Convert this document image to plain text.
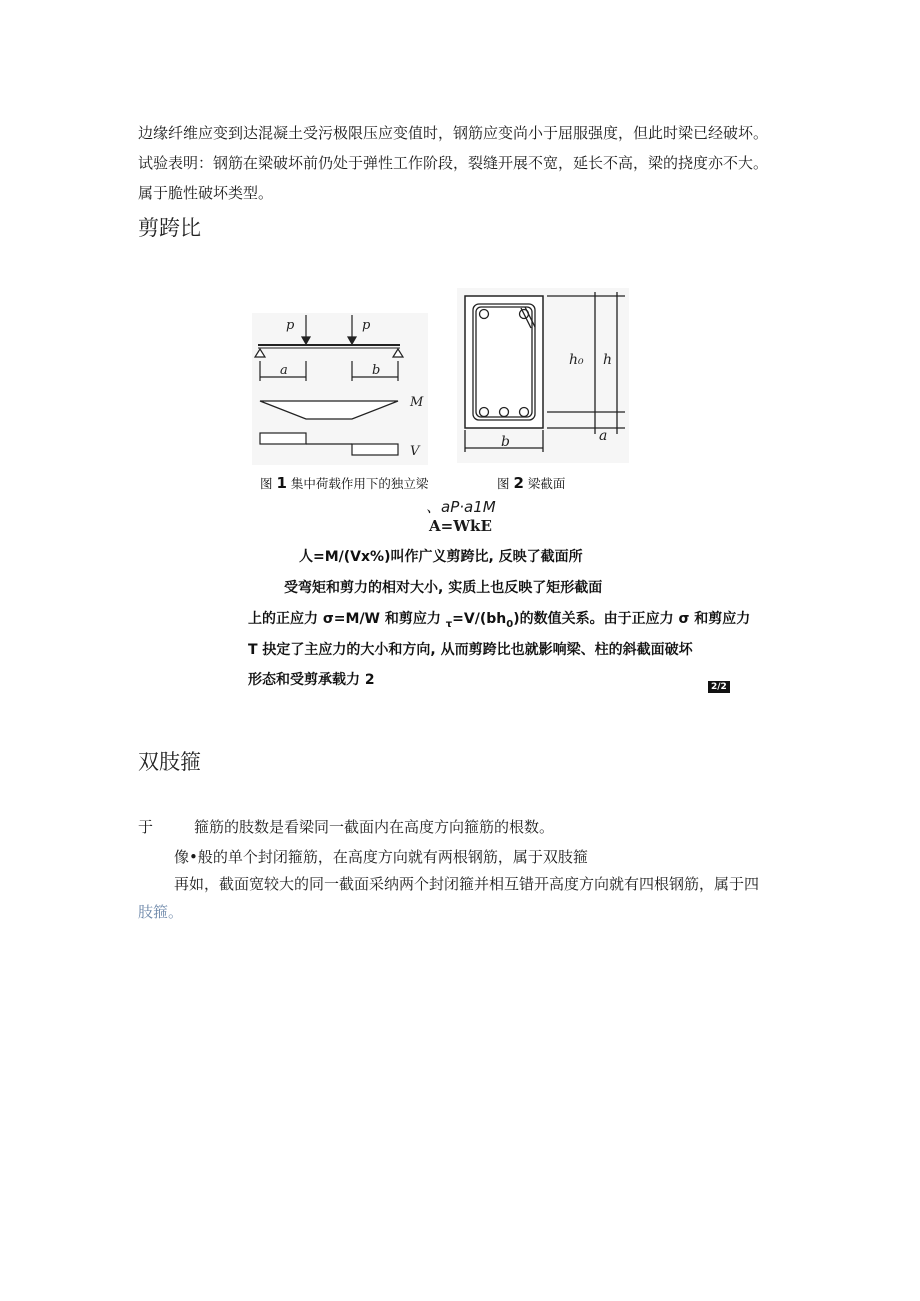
边缘纤维应变到达混凝土受污极限压应变值时，钢筋应变尚小于屈服强度，但此时梁已经破坏。
试验表明：钢筋在梁破坏前仍处于弹性工作阶段，裂缝开展不宽，延长不高，梁的挠度亦不大。
属于脆性破坏类型。
剪跨比
p	p
a	b
M
V
h₀ h
b	a
图 1 集中荷载作用下的独立梁	图 2 梁截面
、aP·a1M
A=WkE
人=M/(Vx%)叫作广义剪跨比, 反映了截面所
受弯矩和剪力的相对大小, 实质上也反映了矩形截面
上的正应力 σ=M/W 和剪应力 $_\tau=V/(bh_0)$的数值关系。由于正应力 σ 和剪应力
T 抉定了主应力的大小和方向, 从而剪跨比也就影响梁、柱的斜截面破坏
形态和受剪承载力 2	2/2
双肢箍
于	箍筋的肢数是看梁同一截面内在高度方向箍筋的根数。
像•般的单个封闭箍筋，在高度方向就有两根钢筋，属于双肢箍
再如，截面宽较大的同一截面采纳两个封闭箍并相互错开高度方向就有四根钢筋，属于四
肢箍。
